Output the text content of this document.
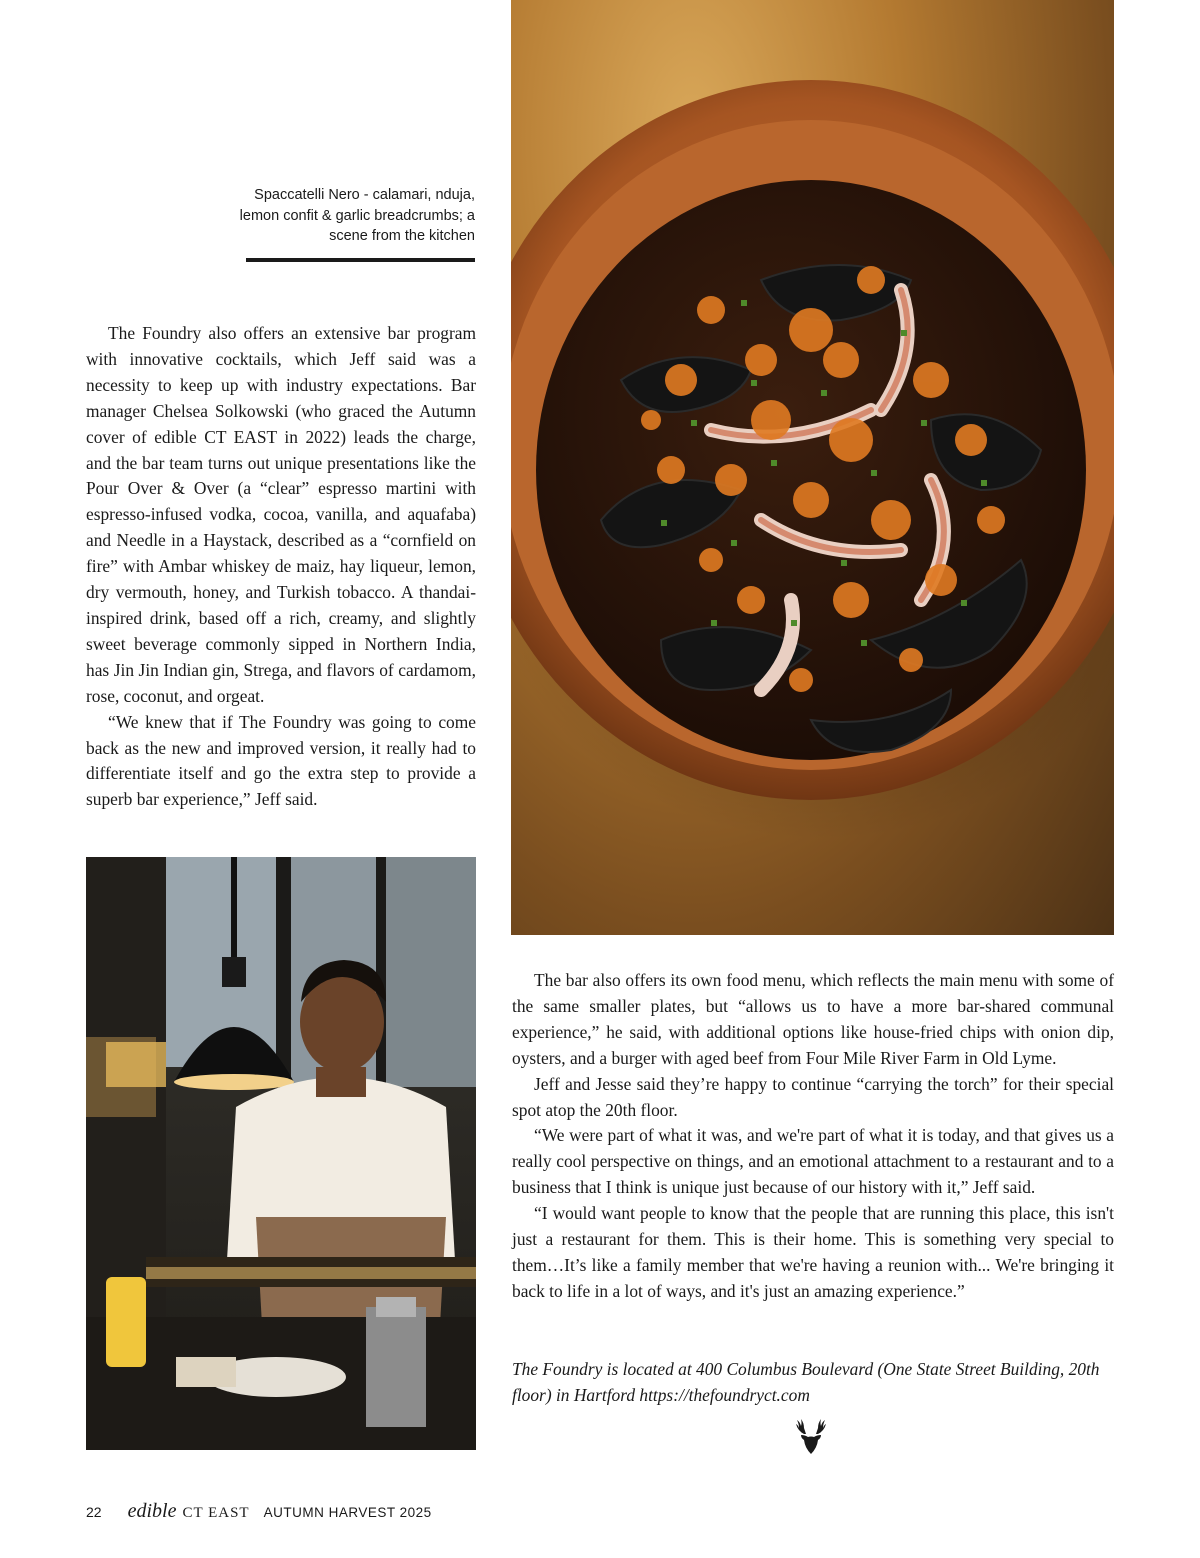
Spaccatelli Nero - calamari, nduja,
lemon confit & garlic breadcrumbs; a
scene from the kitchen

The Foundry also offers an extensive bar program with innovative cocktails, which Jeff said was a necessity to keep up with industry expectations. Bar manager Chelsea Solkowski (who graced the Autumn cover of edible CT EAST in 2022) leads the charge, and the bar team turns out unique presentations like the Pour Over & Over (a “clear” espresso martini with espresso-infused vodka, cocoa, vanilla, and aquafaba) and Needle in a Haystack, described as a “cornfield on fire” with Ambar whiskey de maiz, hay liqueur, lemon, dry vermouth, honey, and Turkish tobacco. A thandai-inspired drink, based off a rich, creamy, and slightly sweet beverage commonly sipped in Northern India, has Jin Jin Indian gin, Strega, and flavors of cardamom, rose, coconut, and orgeat.

“We knew that if The Foundry was going to come back as the new and improved version, it really had to differentiate itself and go the extra step to provide a superb bar experience,” Jeff said.

The bar also offers its own food menu, which reflects the main menu with some of the same smaller plates, but “allows us to have a more bar-shared communal experience,” he said, with additional options like house-fried chips with onion dip, oysters, and a burger with aged beef from Four Mile River Farm in Old Lyme.

Jeff and Jesse said they’re happy to continue “carrying the torch” for their special spot atop the 20th floor.

“We were part of what it was, and we're part of what it is today, and that gives us a really cool perspective on things, and an emotional attachment to a restaurant and to a business that I think is unique just because of our history with it,” Jeff said.

“I would want people to know that the people that are running this place, this isn't just a restaurant for them. This is their home. This is something very special to them…It’s like a family member that we're having a reunion with... We're bringing it back to life in a lot of ways, and it's just an amazing experience.”

The Foundry is located at 400 Columbus Boulevard (One State Street Building, 20th floor) in Hartford https://thefoundryct.com
22 edible CT EAST AUTUMN HARVEST 2025
